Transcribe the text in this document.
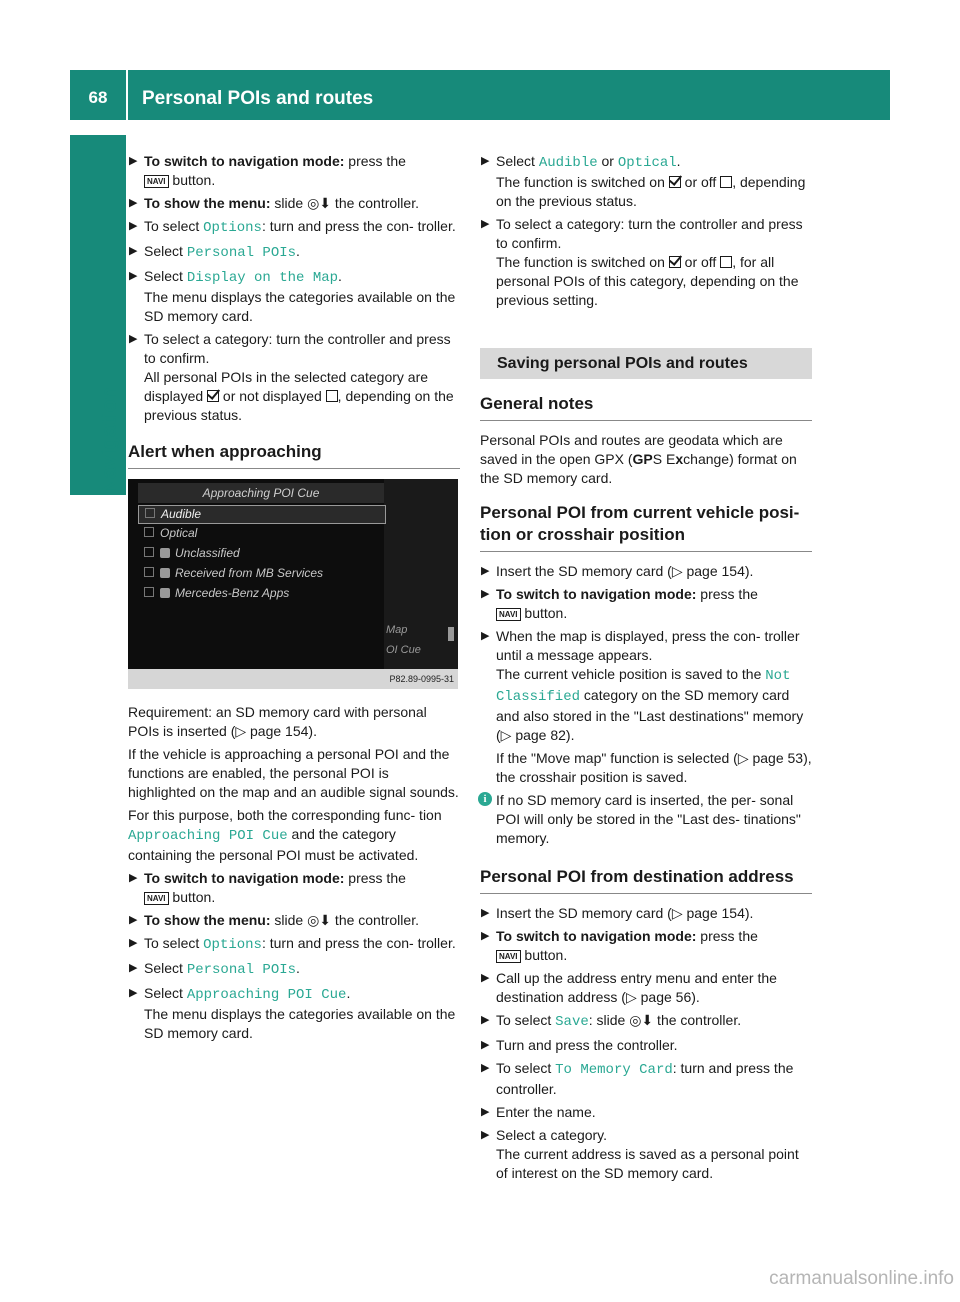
68	Personal POIs and routes
Navigation
▶ To switch to navigation mode: press the
NAVI button.
▶ To show the menu: slide ◎⬇ the controller.
▶ To select Options: turn and press the con- troller.
▶ Select Personal POIs.
▶ Select Display on the Map.
The menu displays the categories available on the SD memory card.
▶ To select a category: turn the controller and press to confirm.
All personal POIs in the selected category are displayed  or not displayed , depending on the previous status.
Alert when approaching
Approaching POI Cue
Audible
Optical
Unclassified
Received from MB Services
Mercedes-Benz Apps
Map
OI Cue
P82.89-0995-31

Requirement: an SD memory card with personal POIs is inserted (▷ page 154).

If the vehicle is approaching a personal POI and the functions are enabled, the personal POI is highlighted on the map and an audible signal sounds.

For this purpose, both the corresponding func- tion Approaching POI Cue and the category containing the personal POI must be activated.

▶ To switch to navigation mode: press the
NAVI button.
▶ To show the menu: slide ◎⬇ the controller.
▶ To select Options: turn and press the con- troller.
▶ Select Personal POIs.
▶ Select Approaching POI Cue.
The menu displays the categories available on the SD memory card.
▶ Select Audible or Optical.
The function is switched on  or off , depending on the previous status.
▶ To select a category: turn the controller and press to confirm.
The function is switched on  or off , for all personal POIs of this category, depending on the previous setting.
Saving personal POIs and routes
General notes

Personal POIs and routes are geodata which are saved in the open GPX (GPS Exchange) format on the SD memory card.

Personal POI from current vehicle posi- tion or crosshair position
▶ Insert the SD memory card (▷ page 154).
▶ To switch to navigation mode: press the
NAVI button.
▶ When the map is displayed, press the con- troller until a message appears.
The current vehicle position is saved to the Not Classified category on the SD memory card and also stored in the "Last destinations" memory (▷ page 82).
If the "Move map" function is selected (▷ page 53), the crosshair position is saved.
i If no SD memory card is inserted, the per- sonal POI will only be stored in the "Last des- tinations" memory.
Personal POI from destination address
▶ Insert the SD memory card (▷ page 154).
▶ To switch to navigation mode: press the
NAVI button.
▶ Call up the address entry menu and enter the destination address (▷ page 56).
▶ To select Save: slide ◎⬇ the controller.
▶ Turn and press the controller.
▶ To select To Memory Card: turn and press the controller.
▶ Enter the name.
▶ Select a category.
The current address is saved as a personal point of interest on the SD memory card.
carmanualsonline.info
